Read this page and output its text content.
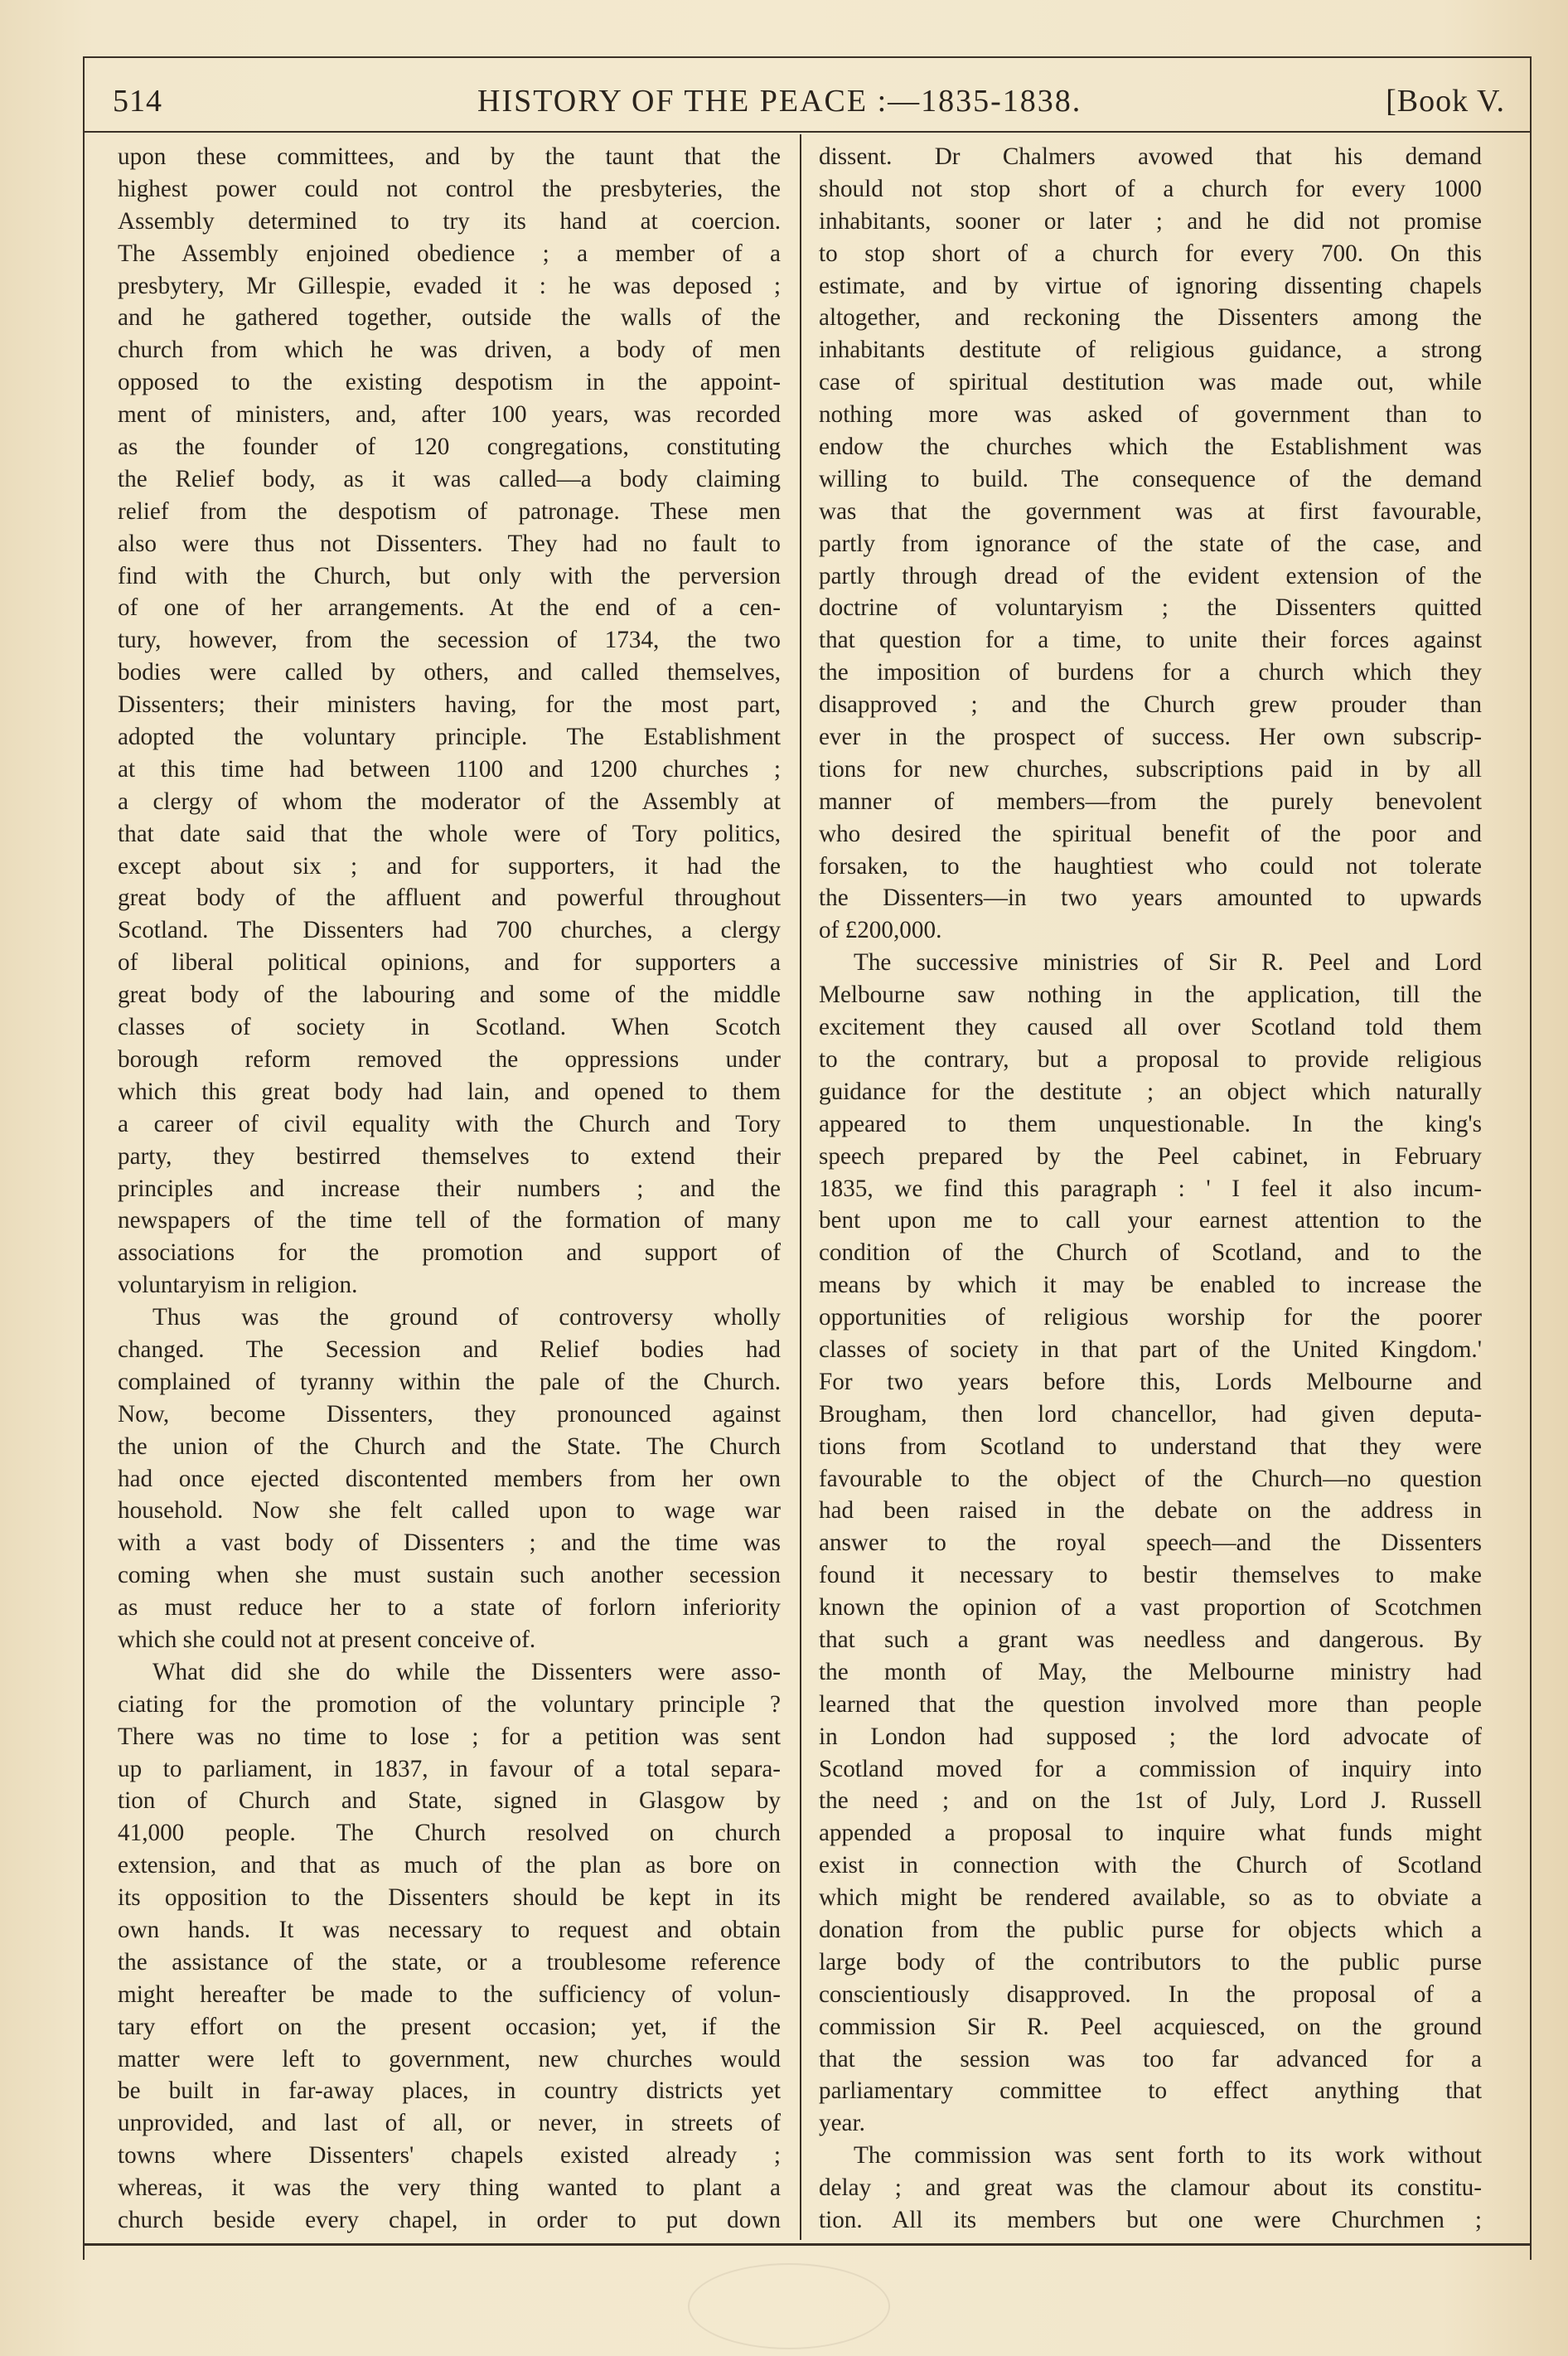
514	HISTORY OF THE PEACE :—1835-1838.	[Book V.
upon these committees, and by the taunt that the
highest power could not control the presbyteries, the
Assembly determined to try its hand at coercion.
The Assembly enjoined obedience ; a member of a
presbytery, Mr Gillespie, evaded it : he was deposed ;
and he gathered together, outside the walls of the
church from which he was driven, a body of men
opposed to the existing despotism in the appoint-
ment of ministers, and, after 100 years, was recorded
as the founder of 120 congregations, constituting
the Relief body, as it was called—a body claiming
relief from the despotism of patronage. These men
also were thus not Dissenters. They had no fault to
find with the Church, but only with the perversion
of one of her arrangements. At the end of a cen-
tury, however, from the secession of 1734, the two
bodies were called by others, and called themselves,
Dissenters; their ministers having, for the most part,
adopted the voluntary principle. The Establishment
at this time had between 1100 and 1200 churches ;
a clergy of whom the moderator of the Assembly at
that date said that the whole were of Tory politics,
except about six ; and for supporters, it had the
great body of the affluent and powerful throughout
Scotland. The Dissenters had 700 churches, a clergy
of liberal political opinions, and for supporters a
great body of the labouring and some of the middle
classes of society in Scotland. When Scotch
borough reform removed the oppressions under
which this great body had lain, and opened to them
a career of civil equality with the Church and Tory
party, they bestirred themselves to extend their
principles and increase their numbers ; and the
newspapers of the time tell of the formation of many
associations for the promotion and support of
voluntaryism in religion.
Thus was the ground of controversy wholly
changed. The Secession and Relief bodies had
complained of tyranny within the pale of the Church.
Now, become Dissenters, they pronounced against
the union of the Church and the State. The Church
had once ejected discontented members from her own
household. Now she felt called upon to wage war
with a vast body of Dissenters ; and the time was
coming when she must sustain such another secession
as must reduce her to a state of forlorn inferiority
which she could not at present conceive of.
What did she do while the Dissenters were asso-
ciating for the promotion of the voluntary principle ?
There was no time to lose ; for a petition was sent
up to parliament, in 1837, in favour of a total separa-
tion of Church and State, signed in Glasgow by
41,000 people. The Church resolved on church
extension, and that as much of the plan as bore on
its opposition to the Dissenters should be kept in its
own hands. It was necessary to request and obtain
the assistance of the state, or a troublesome reference
might hereafter be made to the sufficiency of volun-
tary effort on the present occasion; yet, if the
matter were left to government, new churches would
be built in far-away places, in country districts yet
unprovided, and last of all, or never, in streets of
towns where Dissenters' chapels existed already ;
whereas, it was the very thing wanted to plant a
church beside every chapel, in order to put down
dissent. Dr Chalmers avowed that his demand
should not stop short of a church for every 1000
inhabitants, sooner or later ; and he did not promise
to stop short of a church for every 700. On this
estimate, and by virtue of ignoring dissenting chapels
altogether, and reckoning the Dissenters among the
inhabitants destitute of religious guidance, a strong
case of spiritual destitution was made out, while
nothing more was asked of government than to
endow the churches which the Establishment was
willing to build. The consequence of the demand
was that the government was at first favourable,
partly from ignorance of the state of the case, and
partly through dread of the evident extension of the
doctrine of voluntaryism ; the Dissenters quitted
that question for a time, to unite their forces against
the imposition of burdens for a church which they
disapproved ; and the Church grew prouder than
ever in the prospect of success. Her own subscrip-
tions for new churches, subscriptions paid in by all
manner of members—from the purely benevolent
who desired the spiritual benefit of the poor and
forsaken, to the haughtiest who could not tolerate
the Dissenters—in two years amounted to upwards
of £200,000.
The successive ministries of Sir R. Peel and Lord
Melbourne saw nothing in the application, till the
excitement they caused all over Scotland told them
to the contrary, but a proposal to provide religious
guidance for the destitute ; an object which naturally
appeared to them unquestionable. In the king's
speech prepared by the Peel cabinet, in February
1835, we find this paragraph : ' I feel it also incum-
bent upon me to call your earnest attention to the
condition of the Church of Scotland, and to the
means by which it may be enabled to increase the
opportunities of religious worship for the poorer
classes of society in that part of the United Kingdom.'
For two years before this, Lords Melbourne and
Brougham, then lord chancellor, had given deputa-
tions from Scotland to understand that they were
favourable to the object of the Church—no question
had been raised in the debate on the address in
answer to the royal speech—and the Dissenters
found it necessary to bestir themselves to make
known the opinion of a vast proportion of Scotchmen
that such a grant was needless and dangerous. By
the month of May, the Melbourne ministry had
learned that the question involved more than people
in London had supposed ; the lord advocate of
Scotland moved for a commission of inquiry into
the need ; and on the 1st of July, Lord J. Russell
appended a proposal to inquire what funds might
exist in connection with the Church of Scotland
which might be rendered available, so as to obviate a
donation from the public purse for objects which a
large body of the contributors to the public purse
conscientiously disapproved. In the proposal of a
commission Sir R. Peel acquiesced, on the ground
that the session was too far advanced for a
parliamentary committee to effect anything that
year.
The commission was sent forth to its work without
delay ; and great was the clamour about its constitu-
tion. All its members but one were Churchmen ;
